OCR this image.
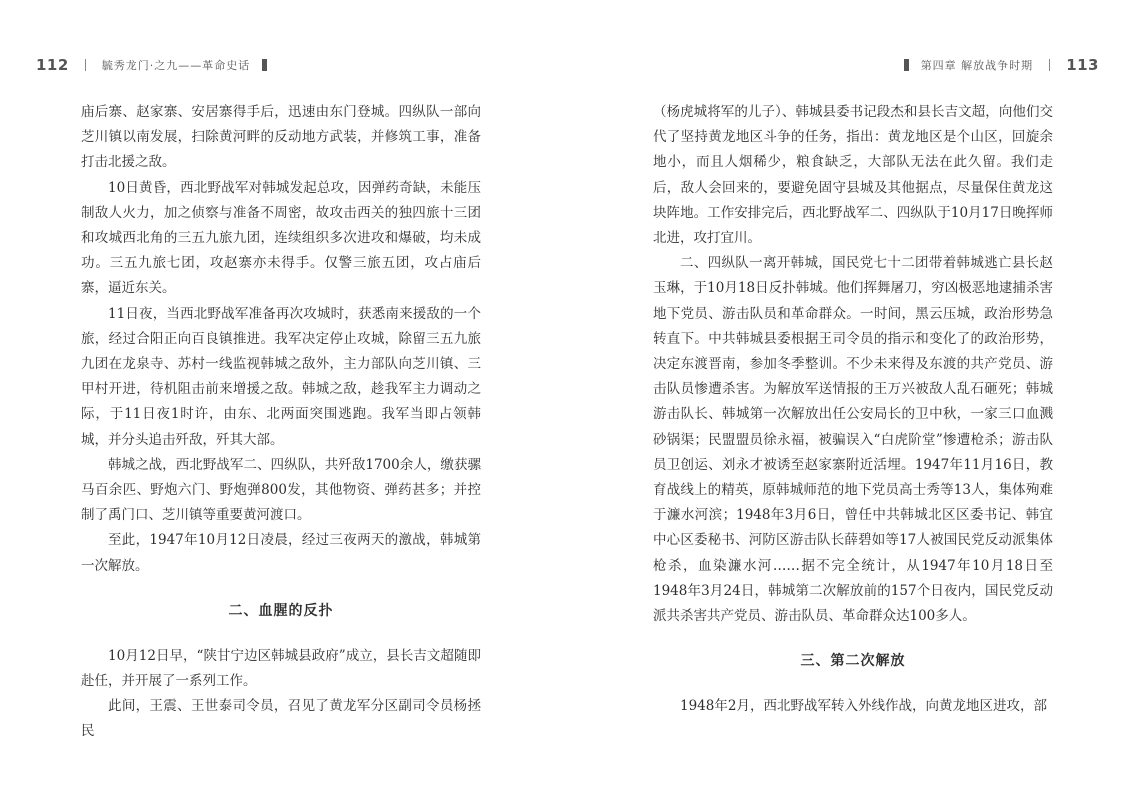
112	毓秀龙门·之九——革命史话	第四章 解放战争时期 113

庙后寨、赵家寨、安居寨得手后，迅速由东门登城。四纵队一部向芝川镇以南发展，扫除黄河畔的反动地方武装，并修筑工事，准备打击北援之敌。

10日黄昏，西北野战军对韩城发起总攻，因弹药奇缺，未能压制敌人火力，加之侦察与准备不周密，故攻击西关的独四旅十三团和攻城西北角的三五九旅九团，连续组织多次进攻和爆破，均未成功。三五九旅七团，攻赵寨亦未得手。仅警三旅五团，攻占庙后寨，逼近东关。

11日夜，当西北野战军准备再次攻城时，获悉南来援敌的一个旅，经过合阳正向百良镇推进。我军决定停止攻城，除留三五九旅九团在龙泉寺、苏村一线监视韩城之敌外，主力部队向芝川镇、三甲村开进，待机阻击前来增援之敌。韩城之敌，趁我军主力调动之际，于11日夜1时许，由东、北两面突围逃跑。我军当即占领韩城，并分头追击歼敌，歼其大部。

韩城之战，西北野战军二、四纵队，共歼敌1700余人，缴获骡马百余匹、野炮六门、野炮弹800发，其他物资、弹药甚多；并控制了禹门口、芝川镇等重要黄河渡口。

至此，1947年10月12日凌晨，经过三夜两天的激战，韩城第一次解放。

二、血腥的反扑

10月12日早，“陕甘宁边区韩城县政府”成立，县长吉文超随即赴任，并开展了一系列工作。

此间，王震、王世泰司令员，召见了黄龙军分区副司令员杨拯民

（杨虎城将军的儿子）、韩城县委书记段杰和县长吉文超，向他们交代了坚持黄龙地区斗争的任务，指出：黄龙地区是个山区，回旋余地小，而且人烟稀少，粮食缺乏，大部队无法在此久留。我们走后，敌人会回来的，要避免固守县城及其他据点，尽量保住黄龙这块阵地。工作安排完后，西北野战军二、四纵队于10月17日晚挥师北进，攻打宜川。

二、四纵队一离开韩城，国民党七十二团带着韩城逃亡县长赵玉琳，于10月18日反扑韩城。他们挥舞屠刀，穷凶极恶地逮捕杀害地下党员、游击队员和革命群众。一时间，黑云压城，政治形势急转直下。中共韩城县委根据王司令员的指示和变化了的政治形势，决定东渡晋南，参加冬季整训。不少未来得及东渡的共产党员、游击队员惨遭杀害。为解放军送情报的王万兴被敌人乱石砸死；韩城游击队长、韩城第一次解放出任公安局长的卫中秋，一家三口血溅砂锅渠；民盟盟员徐永福，被骗误入“白虎阶堂”惨遭枪杀；游击队员卫创运、刘永才被诱至赵家寨附近活埋。1947年11月16日，教育战线上的精英，原韩城师范的地下党员高士秀等13人，集体殉难于濂水河滨；1948年3月6日，曾任中共韩城北区区委书记、韩宜中心区委秘书、河防区游击队长薛碧如等17人被国民党反动派集体枪杀，血染濂水河……据不完全统计，从1947年10月18日至1948年3月24日，韩城第二次解放前的157个日夜内，国民党反动派共杀害共产党员、游击队员、革命群众达100多人。

三、第二次解放

1948年2月，西北野战军转入外线作战，向黄龙地区进攻，部
